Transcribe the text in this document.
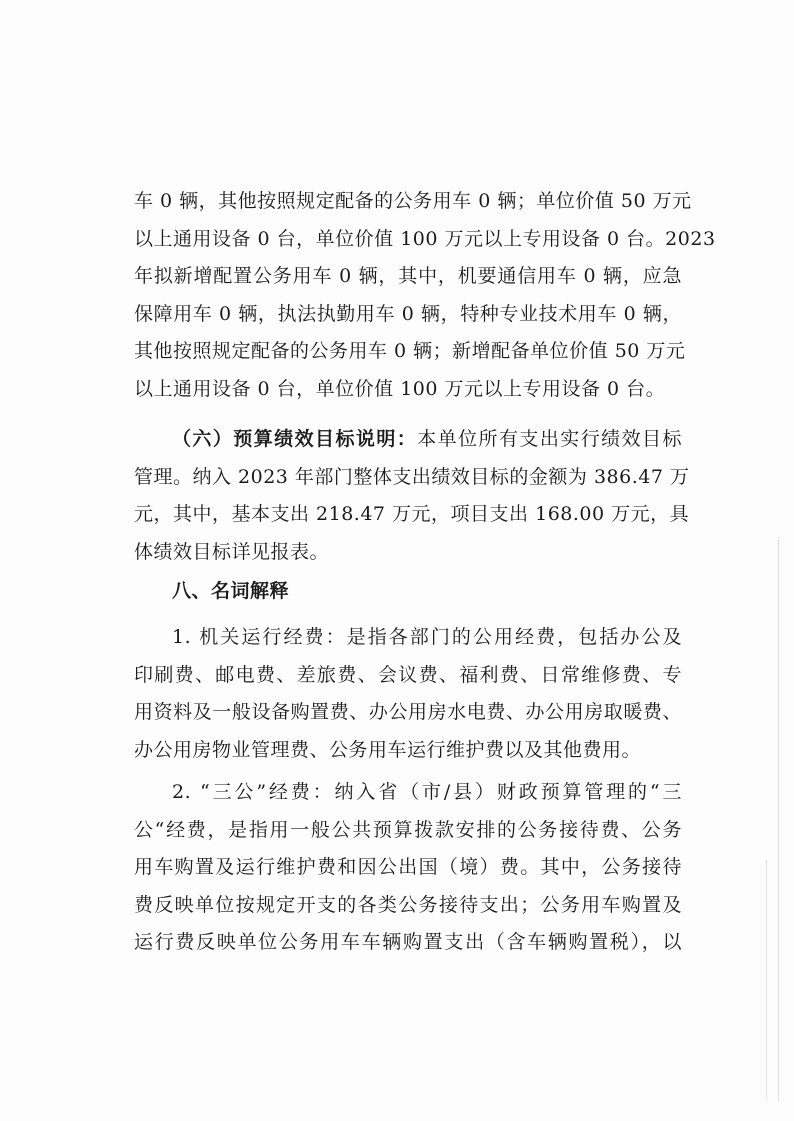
车 0 辆，其他按照规定配备的公务用车 0 辆；单位价值 50 万元
以上通用设备 0 台，单位价值 100 万元以上专用设备 0 台。2023
年拟新增配置公务用车 0 辆，其中，机要通信用车 0 辆，应急
保障用车 0 辆，执法执勤用车 0 辆，特种专业技术用车 0 辆，
其他按照规定配备的公务用车 0 辆；新增配备单位价值 50 万元
以上通用设备 0 台，单位价值 100 万元以上专用设备 0 台。
（六）预算绩效目标说明：本单位所有支出实行绩效目标
管理。纳入 2023 年部门整体支出绩效目标的金额为 386.47 万
元，其中，基本支出 218.47 万元，项目支出 168.00 万元，具
体绩效目标详见报表。
八、名词解释
1. 机关运行经费：是指各部门的公用经费，包括办公及
印刷费、邮电费、差旅费、会议费、福利费、日常维修费、专
用资料及一般设备购置费、办公用房水电费、办公用房取暖费、
办公用房物业管理费、公务用车运行维护费以及其他费用。
2. “三公”经费：纳入省（市/县）财政预算管理的“三
公“经费，是指用一般公共预算拨款安排的公务接待费、公务
用车购置及运行维护费和因公出国（境）费。其中，公务接待
费反映单位按规定开支的各类公务接待支出；公务用车购置及
运行费反映单位公务用车车辆购置支出（含车辆购置税），以
